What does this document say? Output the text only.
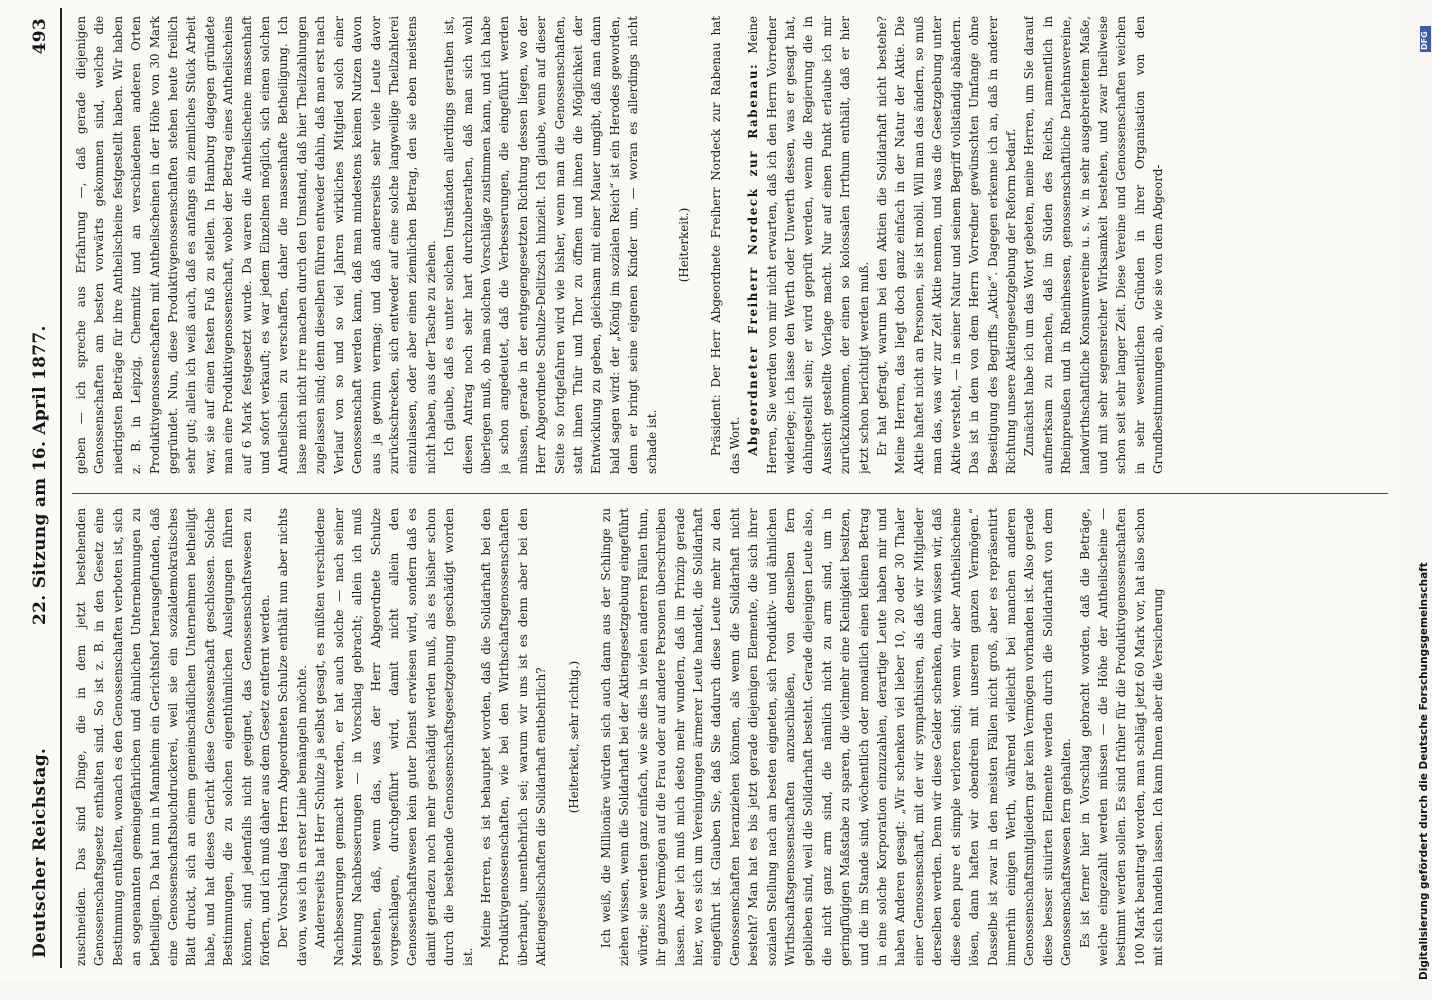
Deutscher Reichstag.
22. Sitzung am 16. April 1877.
493

zuschneiden. Das sind Dinge, die in dem jetzt bestehenden Genossenschaftsgesetz enthalten sind. So ist z. B. in den Gesetz eine Bestimmung enthalten, wonach es den Genossenschaften verboten ist, sich an sogenannten gemeingefährlichen und ähnlichen Unternehmungen zu betheiligen. Da hat nun in Mannheim ein Gerichtshof herausgefunden, daß eine Genossenschaftsbuchdruckerei, weil sie ein sozialdemokratisches Blatt druckt, sich an einem gemeinschädlichen Unternehmen betheiligt habe, und hat dieses Gericht diese Genossenschaft geschlossen. Solche Bestimmungen, die zu solchen eigenthümlichen Auslegungen führen können, sind jedenfalls nicht geeignet, das Genossenschaftswesen zu fördern, und ich muß daher aus dem Gesetz entfernt werden. Der Vorschlag des Herrn Abgeordneten Schulze enthält nun aber nichts davon, was ich in erster Linie bemängeln möchte. Andererseits hat Herr Schulze ja selbst gesagt, es müßten verschiedene Nachbesserungen gemacht werden, er hat auch solche — nach seiner Meinung Nachbesserungen — in Vorschlag gebracht; allein ich muß gestehen, daß, wenn das, was der Herr Abgeordnete Schulze vorgeschlagen, durchgeführt wird, damit nicht allein den Genossenschaftswesen kein guter Dienst erwiesen wird, sondern daß es damit geradezu noch mehr geschädigt werden muß, als es bisher schon durch die bestehende Genossenschaftsgesetzgebung geschädigt worden ist.

Meine Herren, es ist behauptet worden, daß die Solidarhaft bei den Produktivgenossenschaften, wie bei den Wirthschaftsgenossenschaften überhaupt, unentbehrlich sei; warum wir uns ist es denn aber bei den Aktiengesellschaften die Solidarhaft entbehrlich? (Heiterkeit, sehr richtig.) Ich weiß, die Millionäre würden sich auch dann aus der Schlinge zu ziehen wissen, wenn die Solidarhaft bei der Aktiengesetzgebung eingeführt würde; sie werden ganz einfach, wie sie dies in vielen anderen Fällen thun, ihr ganzes Vermögen auf die Frau oder auf andere Personen überschreiben lassen. Aber ich muß mich desto mehr wundern, daß im Prinzip gerade hier, wo es sich um Vereinigungen ärmerer Leute handelt, die Solidarhaft eingeführt ist. Glauben Sie, daß Sie dadurch diese Leute mehr zu den Genossenschaften heranziehen können, als wenn die Solidarhaft nicht besteht? Man hat es bis jetzt gerade diejenigen Elemente, die sich ihrer sozialen Stellung nach am besten eigneten, sich Produktiv- und ähnlichen Wirthschaftsgenossenschaften anzuschließen, von denselben fern geblieben sind, weil die Solidarhaft besteht. Gerade diejenigen Leute also, die nicht ganz arm sind, die nämlich nicht zu arm sind, um in geringfügigen Maßstabe zu sparen, die vielmehr eine Kleinigkeit besitzen, und die im Stande sind, wöchentlich oder monatlich einen kleinen Betrag in eine solche Korporation einzuzahlen, derartige Leute haben mir und haben Anderen gesagt: „Wir schenken viel lieber 10, 20 oder 30 Thaler einer Genossenschaft, mit der wir sympathisiren, als daß wir Mitglieder derselben werden. Denn wir diese Gelder schenken, dann wissen wir, daß diese eben pure et simple verloren sind; wenn wir aber Antheilscheine lösen, dann haften wir obendrein mit unserem ganzen Vermögen.“ Dasselbe ist zwar in den meisten Fällen nicht groß, aber es repräsentirt immerhin einigen Werth, während vielleicht bei manchen anderen Genossenschaftsmitgliedern gar kein Vermögen vorhanden ist. Also gerade diese besser situirten Elemente werden durch die Solidarhaft von dem Genossenschaftswesen fern gehalten. Es ist ferner hier in Vorschlag gebracht worden, daß die Beträge, welche eingezahlt werden müssen — die Höhe der Antheilscheine — bestimmt werden sollen. Es sind früher für die Produktivgenossenschaften 100 Mark beantragt worden, man schlägt jetzt 60 Mark vor, hat also schon mit sich handeln lassen. Ich kann Ihnen aber die Versicherung

geben — ich spreche aus Erfahrung —, daß gerade diejenigen Genossenschaften am besten vorwärts gekommen sind, welche die niedrigsten Beträge für ihre Antheilscheine festgestellt haben. Wir haben z. B. in Leipzig, Chemnitz und an verschiedenen anderen Orten Produktivgenossenschaften mit Antheilscheinen in der Höhe von 30 Mark gegründet. Nun, diese Produktivgenossenschaften stehen heute freilich sehr gut; allein ich weiß auch, daß es anfangs ein ziemliches Stück Arbeit war, sie auf einen festen Fuß zu stellen. In Hamburg dagegen gründete man eine Produktivgenossenschaft, wobei der Betrag eines Antheilscheins auf 6 Mark festgesetzt wurde. Da waren die Antheilscheine massenhaft und sofort verkauft; es war jedem Einzelnen möglich, sich einen solchen Antheilschein zu verschaffen, daher die massenhafte Betheiligung. Ich lasse mich nicht irre machen durch den Umstand, daß hier Theilzahlungen zugelassen sind; denn dieselben führen entweder dahin, daß man erst nach Verlauf von so und so viel Jahren wirkliches Mitglied solch einer Genossenschaft werden kann, daß man mindestens keinen Nutzen davon aus ja gewinn vermag; und daß andererseits sehr viele Leute davor zurückschrecken, sich entweder auf eine solche langweilige Theilzahlerei einzulassen, oder aber einen ziemlichen Betrag, den sie eben meistens nicht haben, aus der Tasche zu ziehen. Ich glaube, daß es unter solchen Umständen allerdings gerathen ist, diesen Antrag noch sehr hart durchzuberathen, daß man sich wohl überlegen muß, ob man solchen Vorschläge zustimmen kann, und ich habe ja schon angedeutet, daß die Verbesserungen, die eingeführt werden müssen, gerade in der entgegengesetzten Richtung dessen liegen, wo der Herr Abgeordnete Schulze-Delitzsch hinzielt. Ich glaube, wenn auf dieser Seite so fortgefahren wird wie bisher, wenn man die Genossenschaften, statt ihnen Thür und Thor zu öffnen und ihnen die Möglichkeit der Entwicklung zu geben, gleichsam mit einer Mauer umgibt, daß man dann bald sagen wird: der „König im sozialen Reich“ ist ein Herodes geworden, denn er bringt seine eigenen Kinder um, — woran es allerdings nicht schade ist.

(Heiterkeit.) Präsident: Der Herr Abgeordnete Freiherr Nordeck zur Rabenau hat das Wort. Abgeordneter Freiherr Nordeck zur Rabenau: Meine Herren, Sie werden von mir nicht erwarten, daß ich den Herrn Vorredner widerlege; ich lasse den Werth oder Unwerth dessen, was er gesagt hat, dahingestellt sein; er wird geprüft werden, wenn die Regierung die in Aussicht gestellte Vorlage macht. Nur auf einen Punkt erlaube ich mir zurückzukommen, der einen so kolossalen Irrthum enthält, daß er hier jetzt schon berichtigt werden muß. Er hat gefragt, warum bei den Aktien die Solidarhaft nicht bestehe? Meine Herren, das liegt doch ganz einfach in der Natur der Aktie. Die Aktie haftet nicht an Personen, sie ist mobil. Will man das ändern, so muß man das, was wir zur Zeit Aktie nennen, und was die Gesetzgebung unter Aktie versteht, — in seiner Natur und seinem Begriff vollständig abändern. Das ist in dem von dem Herrn Vorredner gewünschten Umfange ohne Beseitigung des Begriffs „Aktie“. Dagegen erkenne ich an, daß in anderer Richtung unsere Aktiengesetzgebung der Reform bedarf. Zunächst habe ich um das Wort gebeten, meine Herren, um Sie darauf aufmerksam zu machen, daß im Süden des Reichs, namentlich in Rheinpreußen und in Rheinhessen, genossenschaftliche Darlehnsvereine, landwirthschaftliche Konsumvereine u. s. w. in sehr ausgebreitetem Maße, und mit sehr segensreicher Wirksamkeit bestehen, und zwar theilweise schon seit sehr langer Zeit. Diese Vereine und Genossenschaften weichen in sehr wesentlichen Gründen in ihrer Organisation von den Grundbestimmungen ab, wie sie von dem Abgeord-

DFG
Digitalisierung gefördert durch die Deutsche Forschungsgemeinschaft
